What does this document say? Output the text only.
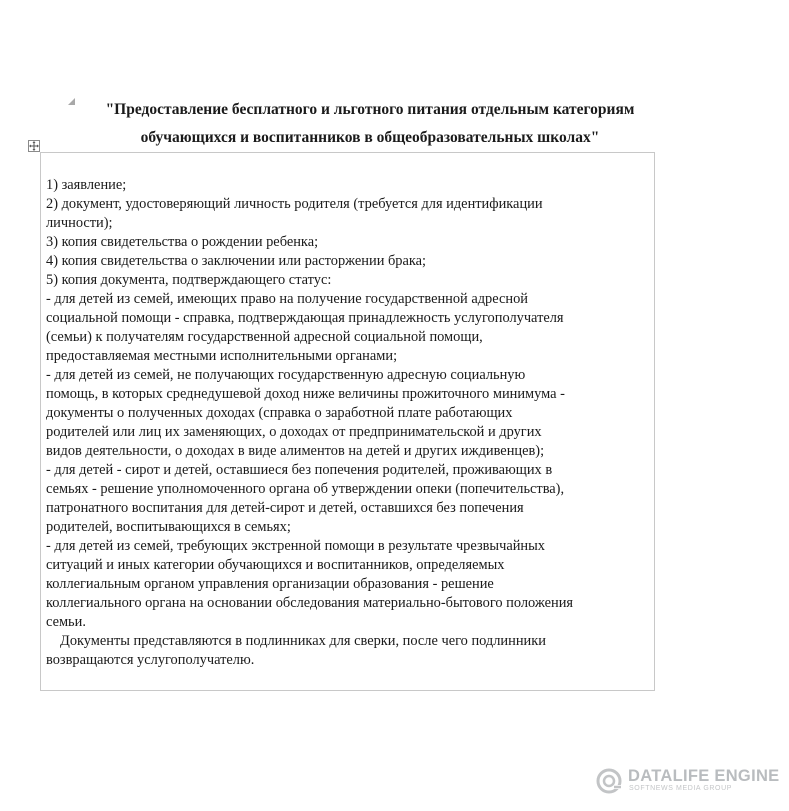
"Предоставление бесплатного и льготного питания отдельным категориям
обучающихся и воспитанников в общеобразовательных школах"
1) заявление;
2) документ, удостоверяющий личность родителя (требуется для идентификации
личности);
3) копия свидетельства о рождении ребенка;
4) копия свидетельства о заключении или расторжении брака;
5) копия документа, подтверждающего статус:
- для детей из семей, имеющих право на получение государственной адресной
социальной помощи - справка, подтверждающая принадлежность услугополучателя
(семьи) к получателям государственной адресной социальной помощи,
предоставляемая местными исполнительными органами;
- для детей из семей, не получающих государственную адресную социальную
помощь, в которых среднедушевой доход ниже величины прожиточного минимума -
документы о полученных доходах (справка о заработной плате работающих
родителей или лиц их заменяющих, о доходах от предпринимательской и других
видов деятельности, о доходах в виде алиментов на детей и других иждивенцев);
- для детей - сирот и детей, оставшиеся без попечения родителей, проживающих в
семьях - решение уполномоченного органа об утверждении опеки (попечительства),
патронатного воспитания для детей-сирот и детей, оставшихся без попечения
родителей, воспитывающихся в семьях;
- для детей из семей, требующих экстренной помощи в результате чрезвычайных
ситуаций и иных категории обучающихся и воспитанников, определяемых
коллегиальным органом управления организации образования - решение
коллегиального органа на основании обследования материально-бытового положения
семьи.
Документы представляются в подлинниках для сверки, после чего подлинники
возвращаются услугополучателю.
DATALIFE ENGINE
SOFTNEWS MEDIA GROUP
